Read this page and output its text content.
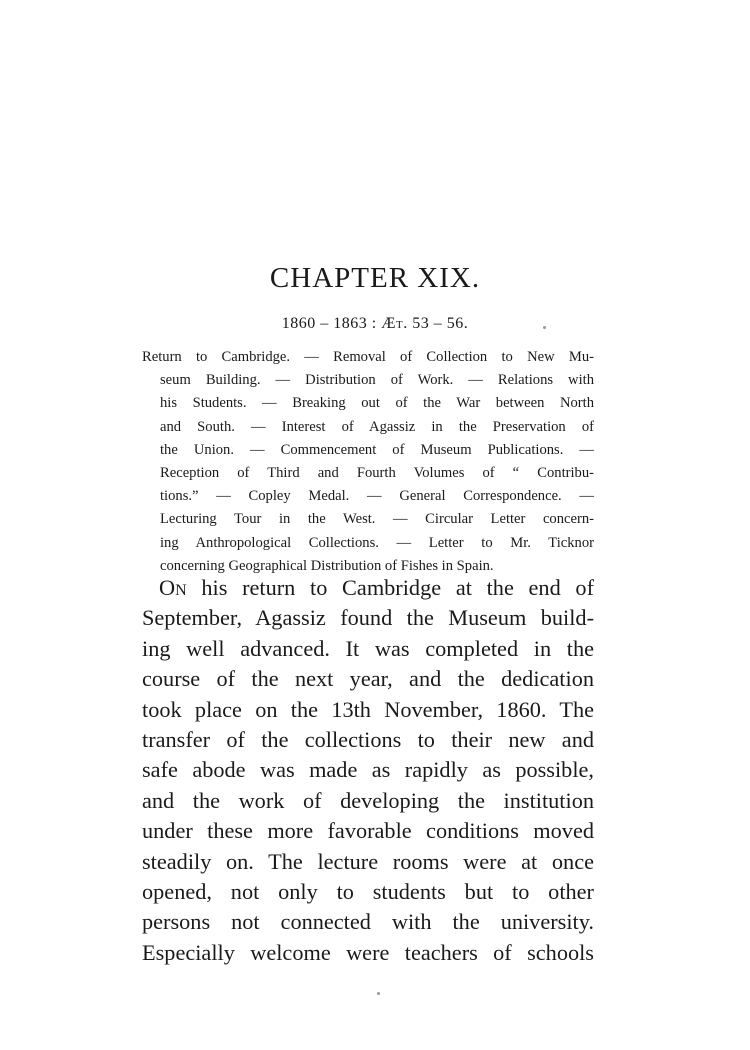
CHAPTER XIX.
1860 – 1863 : Æt. 53 – 56.
Return to Cambridge. — Removal of Collection to New Mu-
seum Building. — Distribution of Work. — Relations with
his Students. — Breaking out of the War between North
and South. — Interest of Agassiz in the Preservation of
the Union. — Commencement of Museum Publications. —
Reception of Third and Fourth Volumes of “ Contribu-
tions.” — Copley Medal. — General Correspondence. —
Lecturing Tour in the West. — Circular Letter concern-
ing Anthropological Collections. — Letter to Mr. Ticknor
concerning Geographical Distribution of Fishes in Spain.
On his return to Cambridge at the end of
September, Agassiz found the Museum build-
ing well advanced. It was completed in the
course of the next year, and the dedication
took place on the 13th November, 1860. The
transfer of the collections to their new and
safe abode was made as rapidly as possible,
and the work of developing the institution
under these more favorable conditions moved
steadily on. The lecture rooms were at once
opened, not only to students but to other
persons not connected with the university.
Especially welcome were teachers of schools
